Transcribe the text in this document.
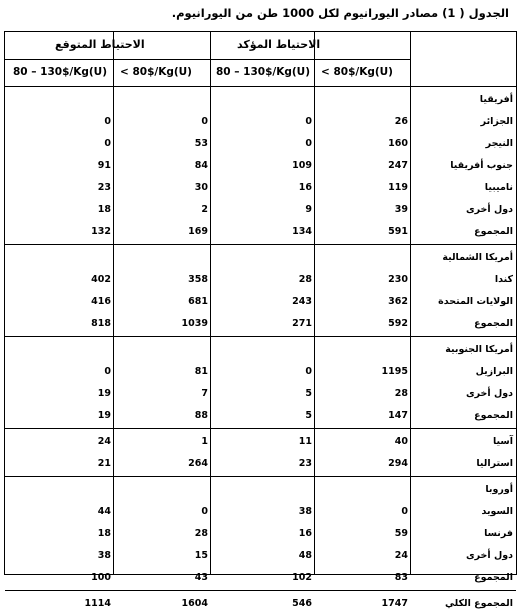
الجدول ( 1) مصادر اليورانيوم لكل 1000 طن من اليورانيوم.
الاحتياط المؤكد
الاحتياط المتوقع
80 – 130$/Kg(U) < 80$/Kg(U) 80 – 130$/Kg(U) < 80$/Kg(U)
أفريقيا
الجزائر
26
0
0
0
النيجر
160
0
53
0
جنوب أفريقيا
247
109
84
91
ناميبيا
119
16
30
23
دول أخرى
39
9
2
18
المجموع
591
134
169
132
أمريكا الشمالية
كندا
230
28
358
402
الولايات المتحدة
362
243
681
416
المجموع
592
271
1039
818
أمريكا الجنوبية
البرازيل
1195
0
81
0
دول أخرى
28
5
7
19
المجموع
147
5
88
19
آسيا
40
11
1
24
استراليا
294
23
264
21
أوروبا
السويد
0
38
0
44
فرنسا
59
16
28
18
دول أخرى
24
48
15
38
المجموع
83
102
43
100
المجموع الكلي
1747
546
1604
1114
